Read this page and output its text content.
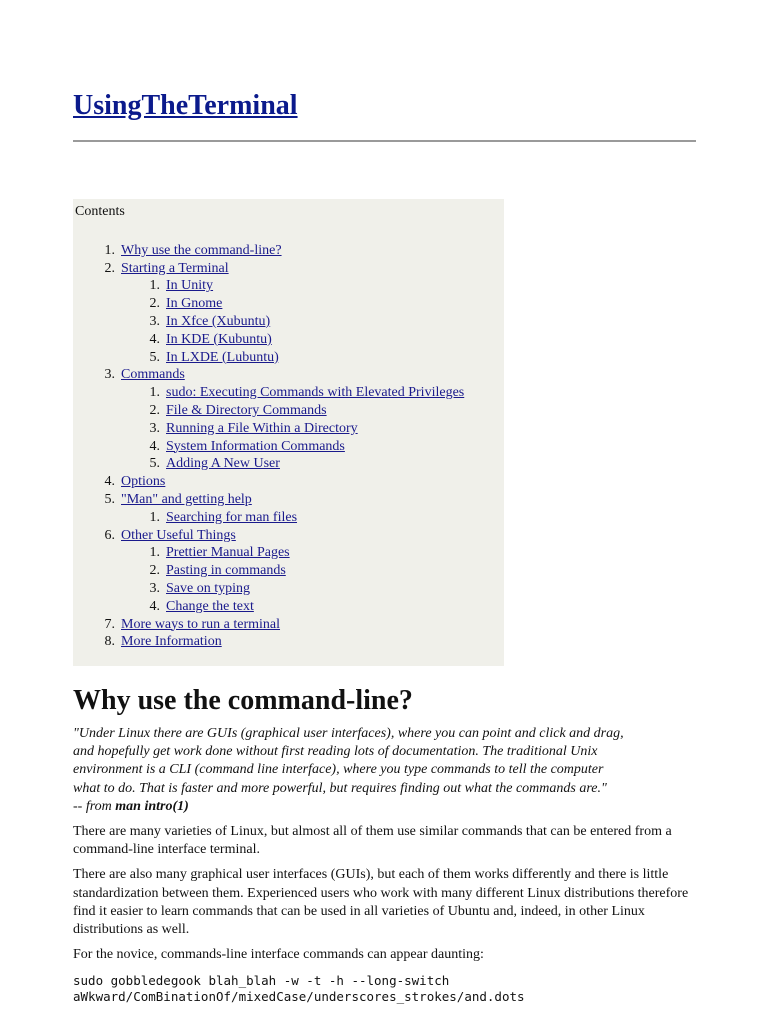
UsingTheTerminal
Contents
1. Why use the command-line?
2. Starting a Terminal
1. In Unity
2. In Gnome
3. In Xfce (Xubuntu)
4. In KDE (Kubuntu)
5. In LXDE (Lubuntu)
3. Commands
1. sudo: Executing Commands with Elevated Privileges
2. File & Directory Commands
3. Running a File Within a Directory
4. System Information Commands
5. Adding A New User
4. Options
5. "Man" and getting help
1. Searching for man files
6. Other Useful Things
1. Prettier Manual Pages
2. Pasting in commands
3. Save on typing
4. Change the text
7. More ways to run a terminal
8. More Information
Why use the command-line?
"Under Linux there are GUIs (graphical user interfaces), where you can point and click and drag,
and hopefully get work done without first reading lots of documentation. The traditional Unix
environment is a CLI (command line interface), where you type commands to tell the computer
what to do. That is faster and more powerful, but requires finding out what the commands are."
-- from man intro(1)

There are many varieties of Linux, but almost all of them use similar commands that can be entered from a command-line interface terminal.

There are also many graphical user interfaces (GUIs), but each of them works differently and there is little standardization between them. Experienced users who work with many different Linux distributions therefore find it easier to learn commands that can be used in all varieties of Ubuntu and, indeed, in other Linux distributions as well.

For the novice, commands-line interface commands can appear daunting:

sudo gobbledegook blah_blah -w -t -h --long-switch
aWkward/ComBinationOf/mixedCase/underscores_strokes/and.dots
